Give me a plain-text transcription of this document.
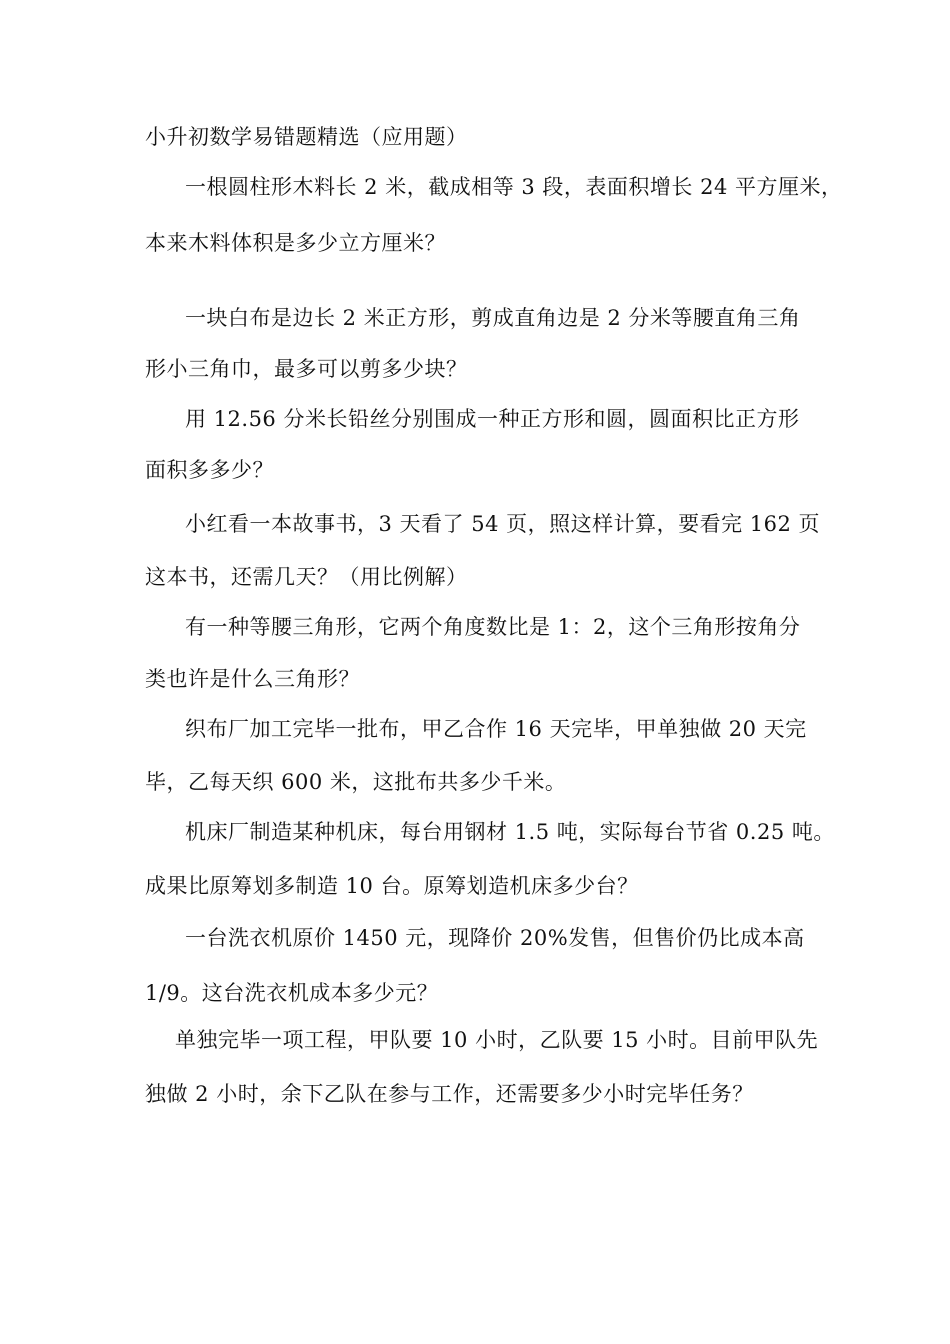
小升初数学易错题精选（应用题）
一根圆柱形木料长 2 米，截成相等 3 段，表面积增长 24 平方厘米，
本来木料体积是多少立方厘米？
一块白布是边长 2 米正方形，剪成直角边是 2 分米等腰直角三角
形小三角巾，最多可以剪多少块？
用 12.56 分米长铅丝分别围成一种正方形和圆，圆面积比正方形
面积多多少？
小红看一本故事书，3 天看了 54 页，照这样计算，要看完 162 页
这本书，还需几天？（用比例解）
有一种等腰三角形，它两个角度数比是 1：2，这个三角形按角分
类也许是什么三角形？
织布厂加工完毕一批布，甲乙合作 16 天完毕，甲单独做 20 天完
毕，乙每天织 600 米，这批布共多少千米。
机床厂制造某种机床，每台用钢材 1.5 吨，实际每台节省 0.25 吨。
成果比原筹划多制造 10 台。原筹划造机床多少台？
一台洗衣机原价 1450 元，现降价 20%发售，但售价仍比成本高
1/9。这台洗衣机成本多少元？
单独完毕一项工程，甲队要 10 小时，乙队要 15 小时。目前甲队先
独做 2 小时，余下乙队在参与工作，还需要多少小时完毕任务？
